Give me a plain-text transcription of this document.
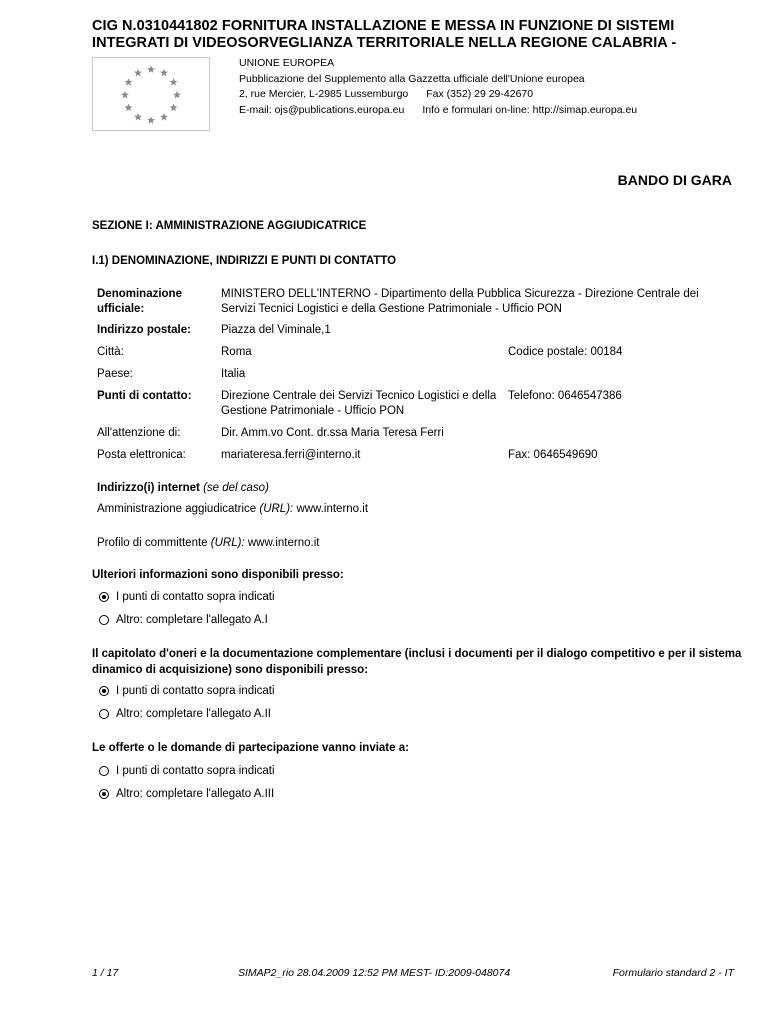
CIG N.0310441802 FORNITURA INSTALLAZIONE E MESSA IN FUNZIONE DI SISTEMI INTEGRATI DI VIDEOSORVEGLIANZA TERRITORIALE NELLA REGIONE CALABRIA -
UNIONE EUROPEA
Pubblicazione del Supplemento alla Gazzetta ufficiale dell'Unione europea
2, rue Mercier, L-2985 Lussemburgo Fax (352) 29 29-42670
E-mail: ojs@publications.europa.eu Info e formulari on-line: http://simap.europa.eu
BANDO DI GARA
SEZIONE I: AMMINISTRAZIONE AGGIUDICATRICE
I.1) DENOMINAZIONE, INDIRIZZI E PUNTI DI CONTATTO
Denominazione ufficiale:
MINISTERO DELL'INTERNO - Dipartimento della Pubblica Sicurezza - Direzione Centrale dei Servizi Tecnici Logistici e della Gestione Patrimoniale - Ufficio PON
Indirizzo postale:	Piazza del Viminale,1
Città:	Roma	Codice postale: 00184
Paese:	Italia
Punti di contatto:	Direzione Centrale dei Servizi Tecnico Logistici e della Gestione Patrimoniale - Ufficio PON
Telefono: 0646547386
All'attenzione di:	Dir. Amm.vo Cont. dr.ssa Maria Teresa Ferri
Posta elettronica:	mariateresa.ferri@interno.it	Fax: 0646549690
Indirizzo(i) internet (se del caso)
Amministrazione aggiudicatrice (URL): www.interno.it
Profilo di committente (URL): www.interno.it
Ulteriori informazioni sono disponibili presso:
I punti di contatto sopra indicati
Altro: completare l'allegato A.I
Il capitolato d'oneri e la documentazione complementare (inclusi i documenti per il dialogo competitivo e per il sistema dinamico di acquisizione) sono disponibili presso:
I punti di contatto sopra indicati
Altro: completare l'allegato A.II
Le offerte o le domande di partecipazione vanno inviate a:
I punti di contatto sopra indicati
Altro: completare l'allegato A.III
1 / 17	SIMAP2_rio 28.04.2009 12:52 PM MEST- ID:2009-048074	Formulario standard 2 - IT
